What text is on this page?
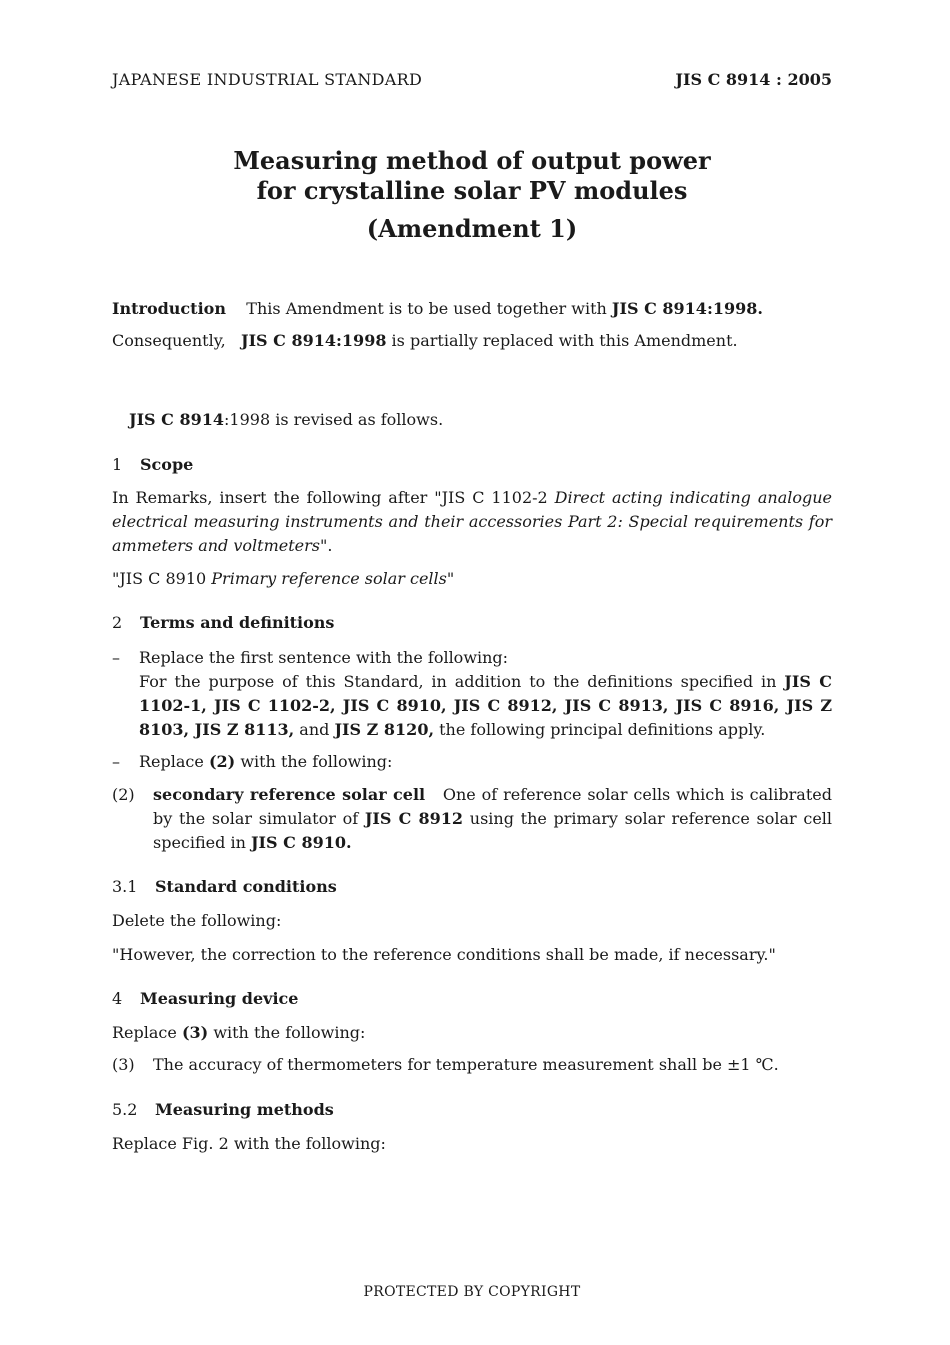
JAPANESE INDUSTRIAL STANDARD	JIS C 8914 : 2005
Measuring method of output power
for crystalline solar PV modules
(Amendment 1)
Introduction This Amendment is to be used together with JIS C 8914:1998.
Consequently, JIS C 8914:1998 is partially replaced with this Amendment.
JIS C 8914:1998 is revised as follows.
1 Scope
In Remarks, insert the following after "JIS C 1102-2 Direct acting indicating analogue electrical measuring instruments and their accessories Part 2: Special requirements for ammeters and voltmeters".
"JIS C 8910 Primary reference solar cells"
2 Terms and definitions
– Replace the first sentence with the following:
For the purpose of this Standard, in addition to the definitions specified in JIS C 1102-1, JIS C 1102-2, JIS C 8910, JIS C 8912, JIS C 8913, JIS C 8916, JIS Z 8103, JIS Z 8113, and JIS Z 8120, the following principal definitions apply.
– Replace (2) with the following:
(2) secondary reference solar cell One of reference solar cells which is calibrated by the solar simulator of JIS C 8912 using the primary solar reference solar cell specified in JIS C 8910.
3.1 Standard conditions
Delete the following:
"However, the correction to the reference conditions shall be made, if necessary."
4 Measuring device
Replace (3) with the following:
(3) The accuracy of thermometers for temperature measurement shall be ±1 ℃.
5.2 Measuring methods
Replace Fig. 2 with the following:
PROTECTED BY COPYRIGHT
